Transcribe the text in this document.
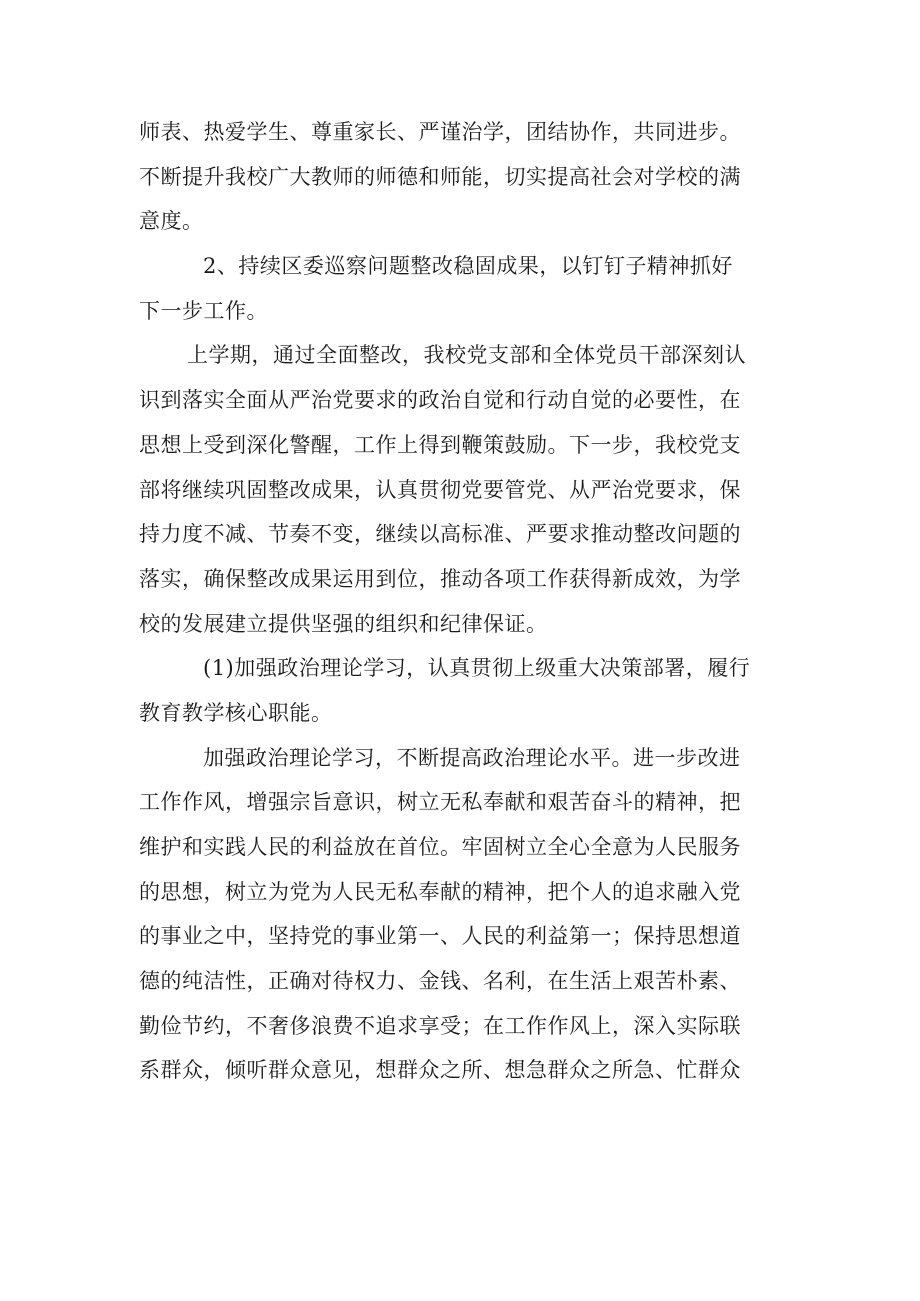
师表、热爱学生、尊重家长、严谨治学，团结协作，共同进步。
不断提升我校广大教师的师德和师能，切实提高社会对学校的满
意度。
2、持续区委巡察问题整改稳固成果，以钉钉子精神抓好
下一步工作。
上学期，通过全面整改，我校党支部和全体党员干部深刻认
识到落实全面从严治党要求的政治自觉和行动自觉的必要性，在
思想上受到深化警醒，工作上得到鞭策鼓励。下一步，我校党支
部将继续巩固整改成果，认真贯彻党要管党、从严治党要求，保
持力度不减、节奏不变，继续以高标准、严要求推动整改问题的
落实，确保整改成果运用到位，推动各项工作获得新成效，为学
校的发展建立提供坚强的组织和纪律保证。
(1)加强政治理论学习，认真贯彻上级重大决策部署，履行
教育教学核心职能。
加强政治理论学习，不断提高政治理论水平。进一步改进
工作作风，增强宗旨意识，树立无私奉献和艰苦奋斗的精神，把
维护和实践人民的利益放在首位。牢固树立全心全意为人民服务
的思想，树立为党为人民无私奉献的精神，把个人的追求融入党
的事业之中，坚持党的事业第一、人民的利益第一；保持思想道
德的纯洁性，正确对待权力、金钱、名利，在生活上艰苦朴素、
勤俭节约，不奢侈浪费不追求享受；在工作作风上，深入实际联
系群众，倾听群众意见，想群众之所、想急群众之所急、忙群众
